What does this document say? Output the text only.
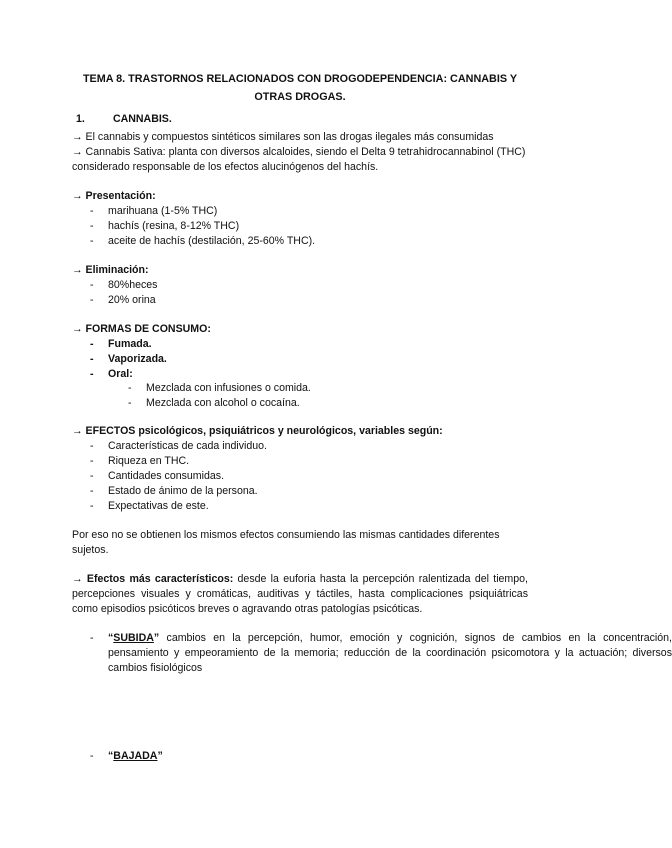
TEMA 8. TRASTORNOS RELACIONADOS CON DROGODEPENDENCIA: CANNABIS Y OTRAS DROGAS.
1.	CANNABIS.
→ El cannabis y compuestos sintéticos similares son las drogas ilegales más consumidas
→ Cannabis Sativa: planta con diversos alcaloides, siendo el Delta 9 tetrahidrocannabinol (THC) considerado responsable de los efectos alucinógenos del hachís.
→ Presentación:
- marihuana (1-5% THC)
- hachís (resina, 8-12% THC)
- aceite de hachís (destilación, 25-60% THC).
→ Eliminación:
- 80%heces
- 20% orina
→ FORMAS DE CONSUMO:
- Fumada.
- Vaporizada.
- Oral:
- Mezclada con infusiones o comida.
- Mezclada con alcohol o cocaína.
→ EFECTOS psicológicos, psiquiátricos y neurológicos, variables según:
- Características de cada individuo.
- Riqueza en THC.
- Cantidades consumidas.
- Estado de ánimo de la persona.
- Expectativas de este.
Por eso no se obtienen los mismos efectos consumiendo las mismas cantidades diferentes sujetos.
→ Efectos más característicos: desde la euforia hasta la percepción ralentizada del tiempo, percepciones visuales y cromáticas, auditivas y táctiles, hasta complicaciones psiquiátricas como episodios psicóticos breves o agravando otras patologías psicóticas.
- “SUBIDA” cambios en la percepción, humor, emoción y cognición, signos de cambios en la concentración, pensamiento y empeoramiento de la memoria; reducción de la coordinación psicomotora y la actuación; diversos cambios fisiológicos
- “BAJADA”
